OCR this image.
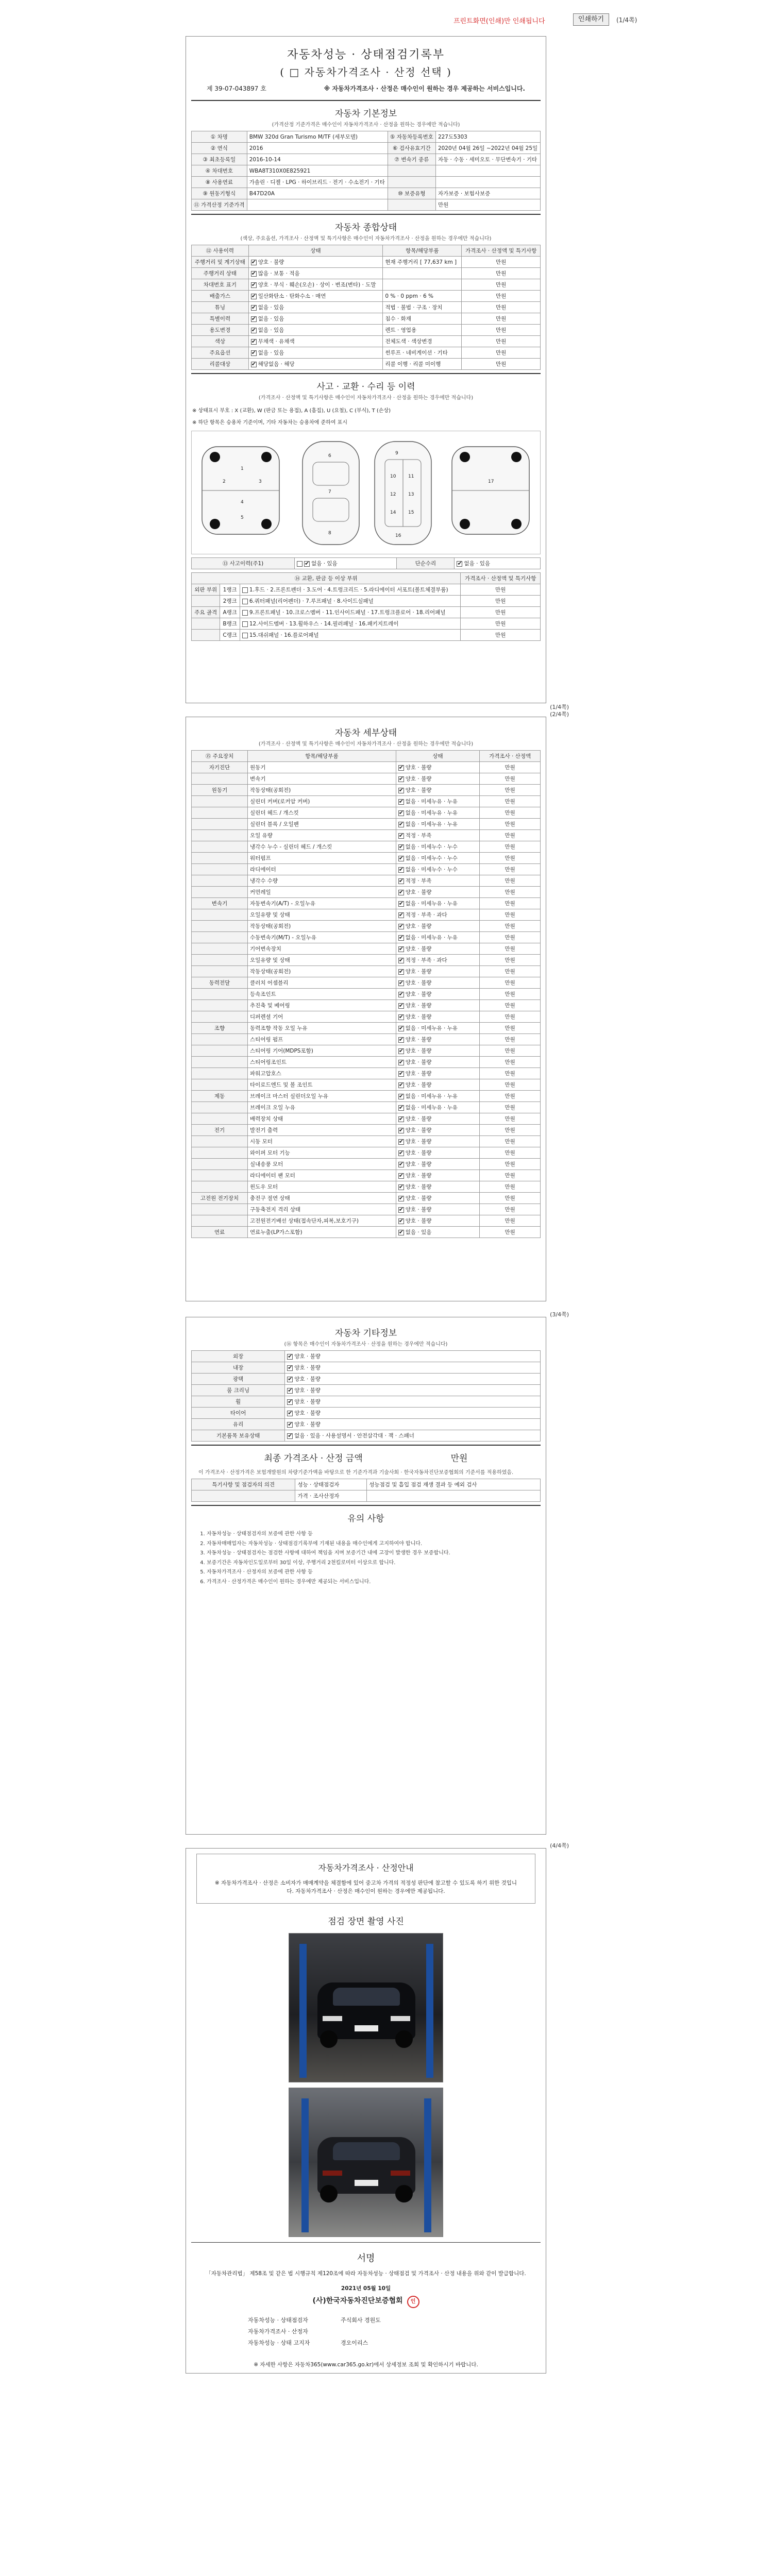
프린트화면(인쇄)만 인쇄됩니다	인쇄하기	(1/4쪽)
자동차성능 · 상태점검기록부
( □ 자동차가격조사 · 산정 선택 )
제 39-07-043897 호	※ 자동차가격조사 · 산정은 매수인이 원하는 경우 제공하는 서비스입니다.
자동차 기본정보
(가격산정 기준가격은 매수인이 자동차가격조사 · 산정을 원하는 경우에만 적습니다)
① 차명	BMW 320d Gran Turismo M/TF (세부모델)	⑤ 자동차등록번호	227도5303
② 연식	2016	⑥ 검사유효기간	2020년 04월 26일 ~2022년 04월 25일
③ 최초등록일	2016-10-14	⑦ 변속기 종류	자동 · 수동 · 세미오토 · 무단변속기 · 기타
④ 차대번호	WBA8T310X0E825921		
⑧ 사용연료	가솔린 · 디젤 · LPG · 하이브리드 · 전기 · 수소전기 · 기타		
⑨ 원동기형식	B47D20A	⑩ 보증유형	자가보증 · 보험사보증
⑪ 가격산정 기준가격			만원
자동차 종합상태
(색상, 주요옵션, 가격조사 · 산정액 및 특기사항은 매수인이 자동차가격조사 · 산정을 원하는 경우에만 적습니다)
⑫ 사용이력	상태	항목/해당부품	가격조사 · 산정액 및 특기사항
주행거리 및 계기상태	✔양호 · 불량	현재 주행거리 [ 77,637 km ]	만원
주행거리 상태	✔많음 · 보통 · 적음		만원
차대번호 표기	✔양호 · 부식 · 훼손(오손) · 상이 · 변조(변타) · 도말		만원
배출가스	✔일산화탄소 · 탄화수소 · 매연	0 % · 0 ppm · 6 %	만원
튜닝	✔없음 · 있음	적법 · 불법 · 구조 · 장치	만원
특별이력	✔없음 · 있음	침수 · 화재	만원
용도변경	✔없음 · 있음	렌트 · 영업용	만원
색상	✔무채색 · 유채색	전체도색 · 색상변경	만원
주요옵션	✔없음 · 있음	썬루프 · 네비게이션 · 기타	만원
리콜대상	✔해당없음 · 해당	리콜 이행 · 리콜 미이행	만원
사고 · 교환 · 수리 등 이력
(가격조사 · 산정액 및 특기사항은 매수인이 자동차가격조사 · 산정을 원하는 경우에만 적습니다)
※ 상태표시 부호 : X (교환), W (판금 또는 용접), A (흠집), U (요철), C (부식), T (손상)
※ 하단 항목은 승용차 기준이며, 기타 자동차는 승용차에 준하여 표시
1
2	3
4
5
6
7
8
9
10	11
12	13
14	15
16
17
⑬ 사고이력(주1)	✔없음 · 있음	단순수리	✔없음 · 있음
⑭ 교환, 판금 등 이상 부위			가격조사 · 산정액 및 특기사항
외판 부위	1랭크	1.후드 · 2.프론트펜더 · 3.도어 · 4.트렁크리드 · 5.라디에이터 서포트(볼트체결부품)	만원
	2랭크	6.쿼터패널(리어펜더) · 7.루프패널 · 8.사이드실패널	만원
주요 골격	A랭크	9.프론트패널 · 10.크로스멤버 · 11.인사이드패널 · 17.트렁크플로어 · 18.리어패널	만원
	B랭크	12.사이드멤버 · 13.휠하우스 · 14.필러패널 · 16.패키지트레이	만원
	C랭크	15.대쉬패널 · 16.플로어패널	만원
(1/4쪽)
(2/4쪽)
자동차 세부상태
(가격조사 · 산정액 및 특기사항은 매수인이 자동차가격조사 · 산정을 원하는 경우에만 적습니다)
⑮ 주요장치	항목/해당부품	상태	가격조사 · 산정액
자기진단	원동기	✔양호 · 불량	만원
	변속기	✔양호 · 불량	만원
원동기	작동상태(공회전)	✔양호 · 불량	만원
	실린더 커버(로커암 커버)	✔없음 · 미세누유 · 누유	만원
	실린더 헤드 / 개스킷	✔없음 · 미세누유 · 누유	만원
	실린더 블록 / 오일팬	✔없음 · 미세누유 · 누유	만원
	오일 유량	✔적정 · 부족	만원
	냉각수 누수 - 실린더 헤드 / 개스킷	✔없음 · 미세누수 · 누수	만원
	워터펌프	✔없음 · 미세누수 · 누수	만원
	라디에이터	✔없음 · 미세누수 · 누수	만원
	냉각수 수량	✔적정 · 부족	만원
	커먼레일	✔양호 · 불량	만원
변속기	자동변속기(A/T) - 오일누유	✔없음 · 미세누유 · 누유	만원
	오일유량 및 상태	✔적정 · 부족 · 과다	만원
	작동상태(공회전)	✔양호 · 불량	만원
	수동변속기(M/T) - 오일누유	✔없음 · 미세누유 · 누유	만원
	기어변속장치	✔양호 · 불량	만원
	오일유량 및 상태	✔적정 · 부족 · 과다	만원
	작동상태(공회전)	✔양호 · 불량	만원
동력전달	클러치 어셈블리	✔양호 · 불량	만원
	등속조인트	✔양호 · 불량	만원
	추진축 및 베어링	✔양호 · 불량	만원
	디퍼렌셜 기어	✔양호 · 불량	만원
조향	동력조향 작동 오일 누유	✔없음 · 미세누유 · 누유	만원
	스티어링 펌프	✔양호 · 불량	만원
	스티어링 기어(MDPS포함)	✔양호 · 불량	만원
	스티어링조인트	✔양호 · 불량	만원
	파워고압호스	✔양호 · 불량	만원
	타이로드엔드 및 볼 조인트	✔양호 · 불량	만원
제동	브레이크 마스터 실린더오일 누유	✔없음 · 미세누유 · 누유	만원
	브레이크 오일 누유	✔없음 · 미세누유 · 누유	만원
	배력장치 상태	✔양호 · 불량	만원
전기	발전기 출력	✔양호 · 불량	만원
	시동 모터	✔양호 · 불량	만원
	와이퍼 모터 기능	✔양호 · 불량	만원
	실내송풍 모터	✔양호 · 불량	만원
	라디에이터 팬 모터	✔양호 · 불량	만원
	윈도우 모터	✔양호 · 불량	만원
고전원 전기장치	충전구 절연 상태	✔양호 · 불량	만원
	구동축전지 격리 상태	✔양호 · 불량	만원
	고전원전기배선 상태(접속단자,피복,보호기구)	✔양호 · 불량	만원
연료	연료누출(LP가스포함)	✔없음 · 있음	만원
(3/4쪽)
자동차 기타정보
(⑯ 항목은 매수인이 자동차가격조사 · 산정을 원하는 경우에만 적습니다)
외장	✔양호 · 불량
내장	✔양호 · 불량
광택	✔양호 · 불량
룸 크리닝	✔양호 · 불량
휠	✔양호 · 불량
타이어	✔양호 · 불량
유리	✔양호 · 불량
기본품목 보유상태	✔없음 · 있음 · 사용설명서 · 안전삼각대 · 잭 · 스패너
최종 가격조사 · 산정 금액	만원
이 가격조사 · 산정가격은 보험개발원의 차량기준가액을 바탕으로 한 기준가격과 기술사회 · 한국자동차진단보증협회의 기준서를 적용하였음.
특기사항 및 점검자의 의견	성능 · 상태점검자	성능점검 및 흡입 점검 재생 결과 등 예외 검사
	가격 · 조사산정자	
유의 사항
1. 자동차성능 · 상태점검자의 보증에 관한 사항 등
2. 자동차매매업자는 자동차성능 · 상태점검기록부에 기재된 내용을 매수인에게 고지하여야 합니다.
3. 자동차성능 · 상태점검자는 점검한 사항에 대하여 책임을 지며 보증기간 내에 고장이 발생한 경우 보증합니다.
4. 보증기간은 자동차인도일로부터 30일 이상, 주행거리 2천킬로미터 이상으로 합니다.
5. 자동차가격조사 · 산정자의 보증에 관한 사항 등
6. 가격조사 · 산정가격은 매수인이 원하는 경우에만 제공되는 서비스입니다.
(4/4쪽)
자동차가격조사 · 산정안내
※ 자동차가격조사 · 산정은 소비자가 매매계약을 체결함에 있어 중고차 가격의 적정성 판단에 참고할 수 있도록 하기 위한 것입니다. 자동차가격조사 · 산정은 매수인이 원하는 경우에만 제공됩니다.
점검 장면 촬영 사진
서명
「자동차관리법」 제58조 및 같은 법 시행규칙 제120조에 따라 자동차성능 · 상태점검 및 가격조사 · 산정 내용을 위와 같이 발급합니다.
2021년 05월 10일
(사)한국자동차진단보증협회 인
자동차성능 · 상태점검자	주식회사 경원도
자동차가격조사 · 산정자
자동차성능 · 상태 고지자	경오이리스
※ 자세한 사항은 자동차365(www.car365.go.kr)에서 상세정보 조회 및 확인하시기 바랍니다.
